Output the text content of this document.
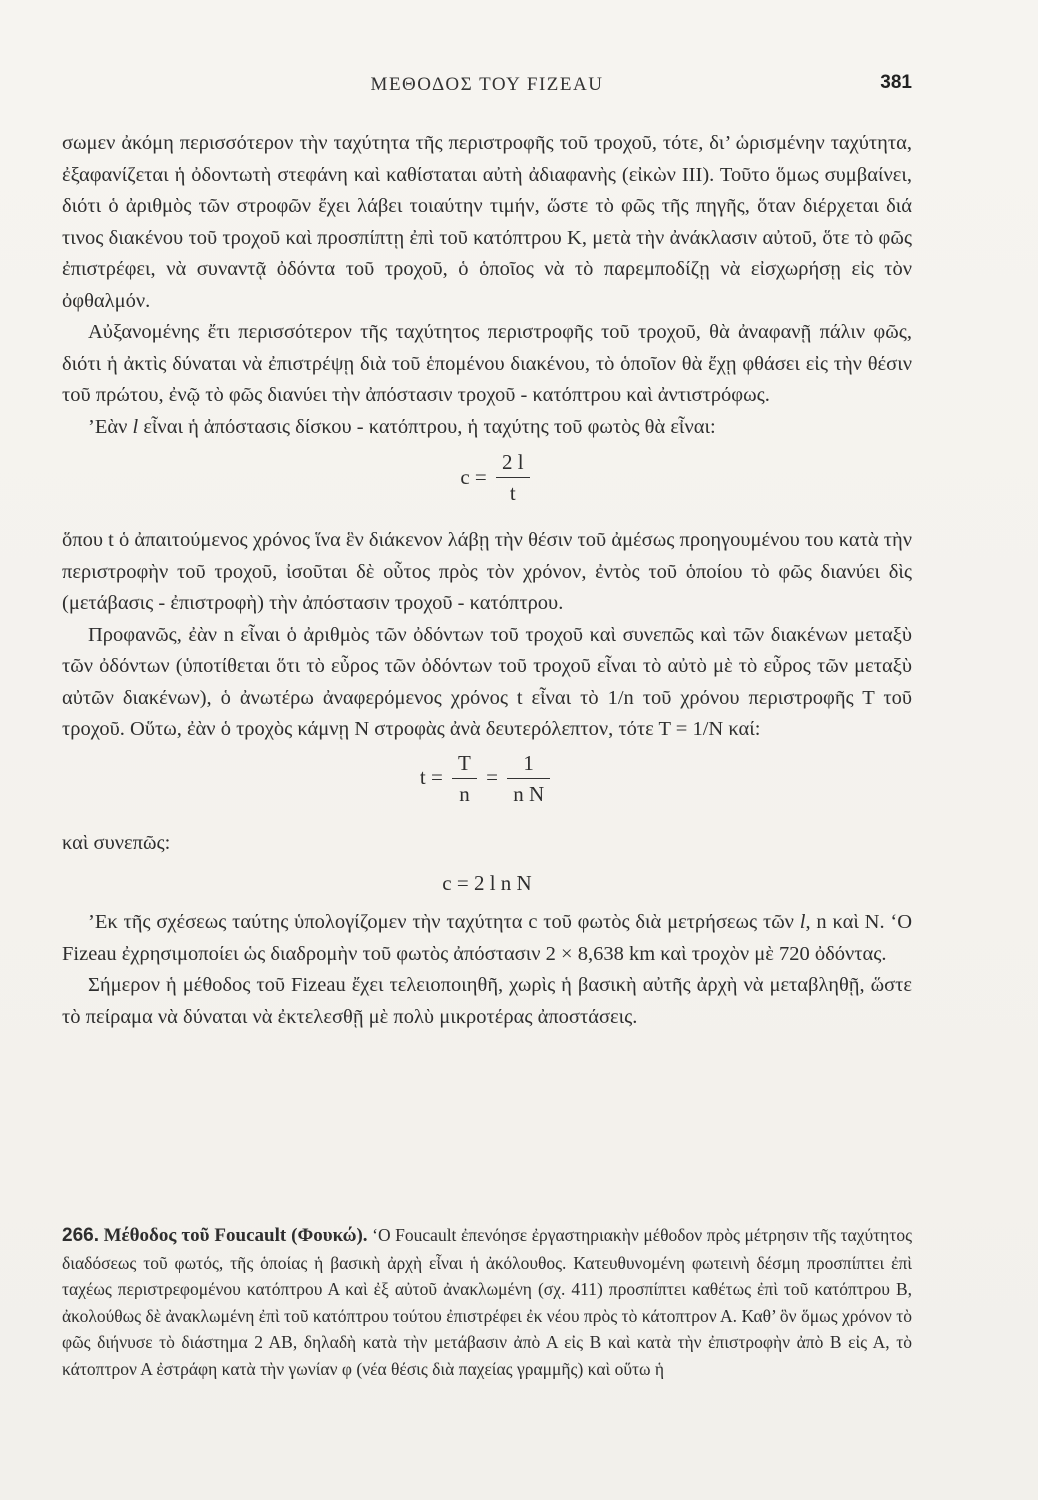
ΜΕΘΟΔΟΣ ΤΟΥ FIZEAU	381

σωμεν ἀκόμη περισσότερον τὴν ταχύτητα τῆς περιστροφῆς τοῦ τροχοῦ, τότε, δι’ ὡρισμένην ταχύτητα, ἐξαφανίζεται ἡ ὀδοντωτὴ στεφάνη καὶ καθίσταται αὐτὴ ἀδιαφανὴς (εἰκὼν ΙΙΙ). Τοῦτο ὅμως συμβαίνει, διότι ὁ ἀριθμὸς τῶν στροφῶν ἔχει λάβει τοιαύτην τιμήν, ὥστε τὸ φῶς τῆς πηγῆς, ὅταν διέρχεται διά τινος διακένου τοῦ τροχοῦ καὶ προσπίπτῃ ἐπὶ τοῦ κατόπτρου Κ, μετὰ τὴν ἀνάκλασιν αὐτοῦ, ὅτε τὸ φῶς ἐπιστρέφει, νὰ συναντᾷ ὀδόντα τοῦ τροχοῦ, ὁ ὁποῖος νὰ τὸ παρεμποδίζῃ νὰ εἰσχωρήσῃ εἰς τὸν ὀφθαλμόν.

Αὐξανομένης ἔτι περισσότερον τῆς ταχύτητος περιστροφῆς τοῦ τροχοῦ, θὰ ἀναφανῇ πάλιν φῶς, διότι ἡ ἀκτὶς δύναται νὰ ἐπιστρέψῃ διὰ τοῦ ἑπομένου διακένου, τὸ ὁποῖον θὰ ἔχῃ φθάσει εἰς τὴν θέσιν τοῦ πρώτου, ἐνῷ τὸ φῶς διανύει τὴν ἀπόστασιν τροχοῦ - κατόπτρου καὶ ἀντιστρόφως.

’Εὰν l εἶναι ἡ ἀπόστασις δίσκου - κατόπτρου, ἡ ταχύτης τοῦ φωτὸς θὰ εἶναι:

$c = \frac{2 l}{t}$

ὅπου t ὁ ἀπαιτούμενος χρόνος ἵνα ἓν διάκενον λάβῃ τὴν θέσιν τοῦ ἀμέσως προηγουμένου του κατὰ τὴν περιστροφὴν τοῦ τροχοῦ, ἰσοῦται δὲ οὗτος πρὸς τὸν χρόνον, ἐντὸς τοῦ ὁποίου τὸ φῶς διανύει δὶς (μετάβασις - ἐπιστροφὴ) τὴν ἀπόστασιν τροχοῦ - κατόπτρου.

Προφανῶς, ἐὰν n εἶναι ὁ ἀριθμὸς τῶν ὀδόντων τοῦ τροχοῦ καὶ συνεπῶς καὶ τῶν διακένων μεταξὺ τῶν ὀδόντων (ὑποτίθεται ὅτι τὸ εὖρος τῶν ὀδόντων τοῦ τροχοῦ εἶναι τὸ αὐτὸ μὲ τὸ εὖρος τῶν μεταξὺ αὐτῶν διακένων), ὁ ἀνωτέρω ἀναφερόμενος χρόνος t εἶναι τὸ 1/n τοῦ χρόνου περιστροφῆς Τ τοῦ τροχοῦ. Οὕτω, ἐὰν ὁ τροχὸς κάμνῃ Ν στροφὰς ἀνὰ δευτερόλεπτον, τότε Τ = 1/Ν καί:

$t = \frac{T}{n} = \frac{1}{\text{n N}}$

καὶ συνεπῶς:

c = 2 l n N

’Εκ τῆς σχέσεως ταύτης ὑπολογίζομεν τὴν ταχύτητα c τοῦ φωτὸς διὰ μετρήσεως τῶν l, n καὶ Ν. ‘Ο Fizeau ἐχρησιμοποίει ὡς διαδρομὴν τοῦ φωτὸς ἀπόστασιν 2 × 8,638 km καὶ τροχὸν μὲ 720 ὀδόντας.

Σήμερον ἡ μέθοδος τοῦ Fizeau ἔχει τελειοποιηθῆ, χωρὶς ἡ βασικὴ αὐτῆς ἀρχὴ νὰ μεταβληθῇ, ὥστε τὸ πείραμα νὰ δύναται νὰ ἐκτελεσθῇ μὲ πολὺ μικροτέρας ἀποστάσεις.

266. Μέθοδος τοῦ Foucault (Φουκώ). ‘Ο Foucault ἐπενόησε ἐργαστηριακὴν μέθοδον πρὸς μέτρησιν τῆς ταχύτητος διαδόσεως τοῦ φωτός, τῆς ὁποίας ἡ βασικὴ ἀρχὴ εἶναι ἡ ἀκόλουθος. Κατευθυνομένη φωτεινὴ δέσμη προσπίπτει ἐπὶ ταχέως περιστρεφομένου κατόπτρου Α καὶ ἐξ αὐτοῦ ἀνακλωμένη (σχ. 411) προσπίπτει καθέτως ἐπὶ τοῦ κατόπτρου Β, ἀκολούθως δὲ ἀνακλωμένη ἐπὶ τοῦ κατόπτρου τούτου ἐπιστρέφει ἐκ νέου πρὸς τὸ κάτοπτρον Α. Καθ’ ὃν ὅμως χρόνον τὸ φῶς διήνυσε τὸ διάστημα 2 ΑΒ, δηλαδὴ κατὰ τὴν μετάβασιν ἀπὸ Α εἰς Β καὶ κατὰ τὴν ἐπιστροφὴν ἀπὸ Β εἰς Α, τὸ κάτοπτρον Α ἐστράφη κατὰ τὴν γωνίαν φ (νέα θέσις διὰ παχείας γραμμῆς) καὶ οὕτω ἡ
